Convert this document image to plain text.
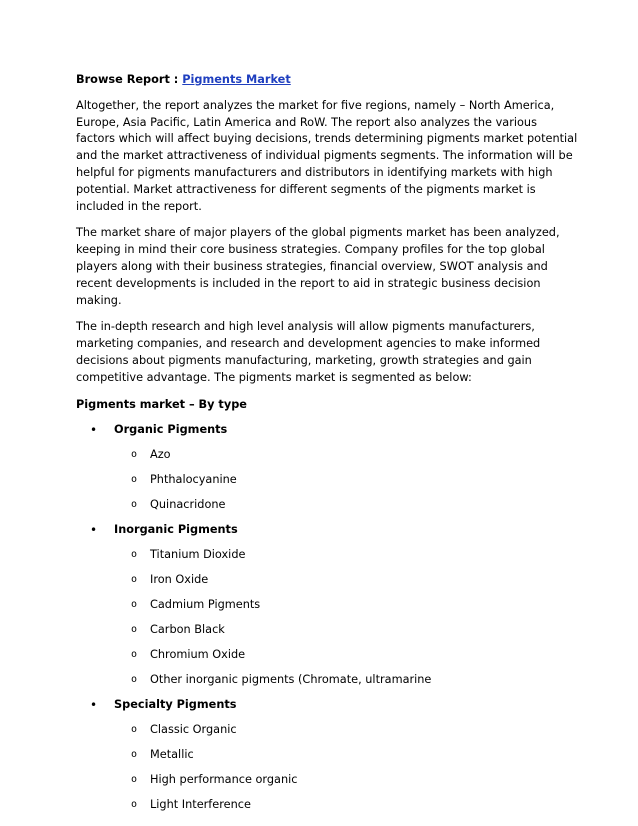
Browse Report : Pigments Market

Altogether, the report analyzes the market for five regions, namely – North America, Europe, Asia Pacific, Latin America and RoW. The report also analyzes the various factors which will affect buying decisions, trends determining pigments market potential and the market attractiveness of individual pigments segments. The information will be helpful for pigments manufacturers and distributors in identifying markets with high potential. Market attractiveness for different segments of the pigments market is included in the report.

The market share of major players of the global pigments market has been analyzed, keeping in mind their core business strategies. Company profiles for the top global players along with their business strategies, financial overview, SWOT analysis and recent developments is included in the report to aid in strategic business decision making.

The in-depth research and high level analysis will allow pigments manufacturers, marketing companies, and research and development agencies to make informed decisions about pigments manufacturing, marketing, growth strategies and gain competitive advantage. The pigments market is segmented as below:

Pigments market – By type

• Organic Pigments
o Azo
o Phthalocyanine
o Quinacridone
• Inorganic Pigments
o Titanium Dioxide
o Iron Oxide
o Cadmium Pigments
o Carbon Black
o Chromium Oxide
o Other inorganic pigments (Chromate, ultramarine
• Specialty Pigments
o Classic Organic
o Metallic
o High performance organic
o Light Interference
